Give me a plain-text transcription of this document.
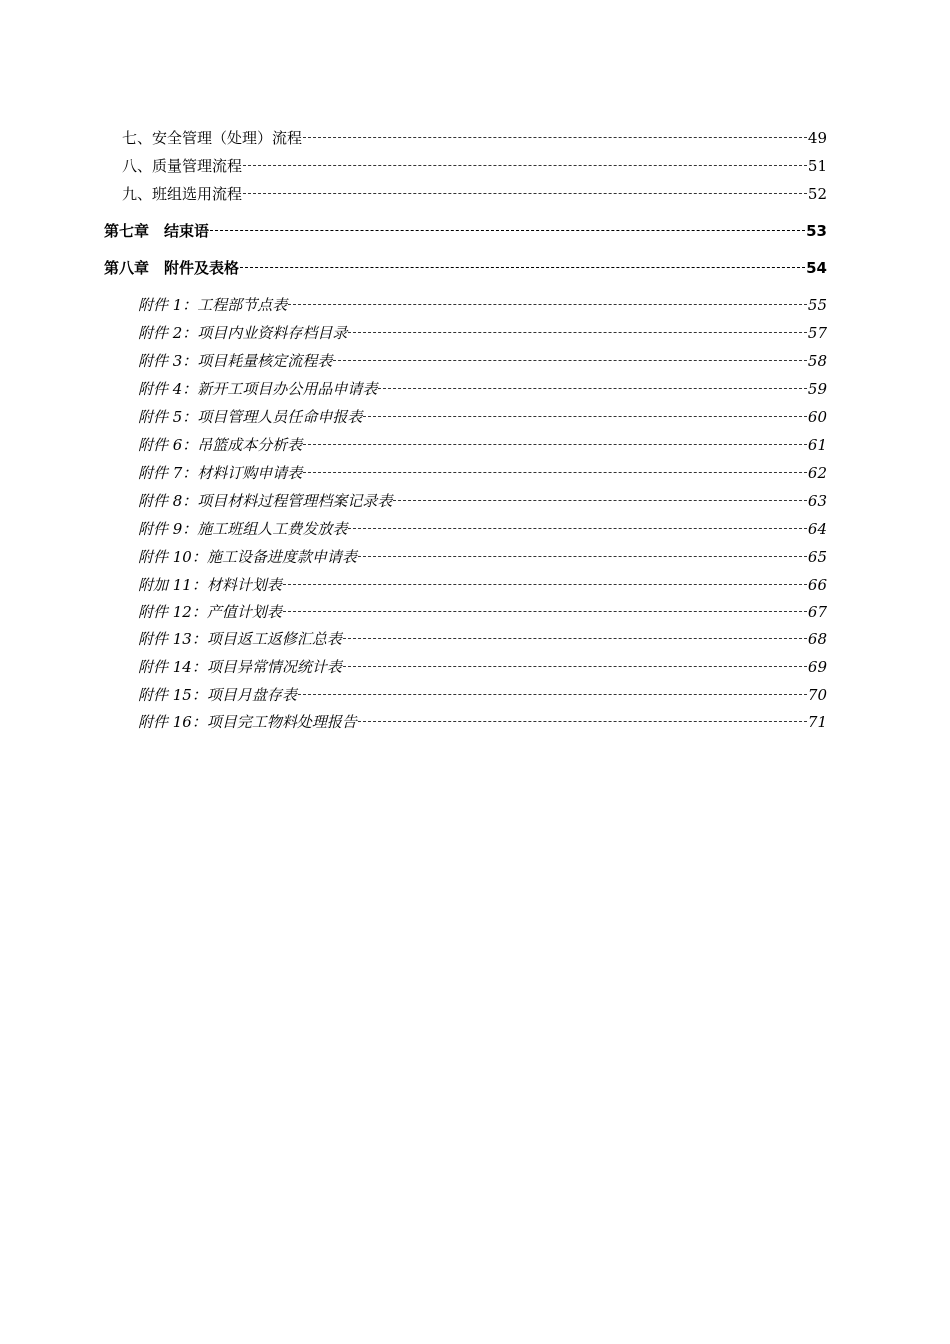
七、安全管理（处理）流程	49
八、质量管理流程	51
九、班组选用流程	52
第七章　结束语	53
第八章　附件及表格	54
附件 1：工程部节点表	55
附件 2：项目内业资料存档目录	57
附件 3：项目耗量核定流程表	58
附件 4：新开工项目办公用品申请表	59
附件 5：项目管理人员任命申报表	60
附件 6：吊篮成本分析表	61
附件 7：材料订购申请表	62
附件 8：项目材料过程管理档案记录表	63
附件 9：施工班组人工费发放表	64
附件 10：施工设备进度款申请表	65
附加 11：材料计划表	66
附件 12：产值计划表	67
附件 13：项目返工返修汇总表	68
附件 14：项目异常情况统计表	69
附件 15：项目月盘存表	70
附件 16：项目完工物料处理报告	71
